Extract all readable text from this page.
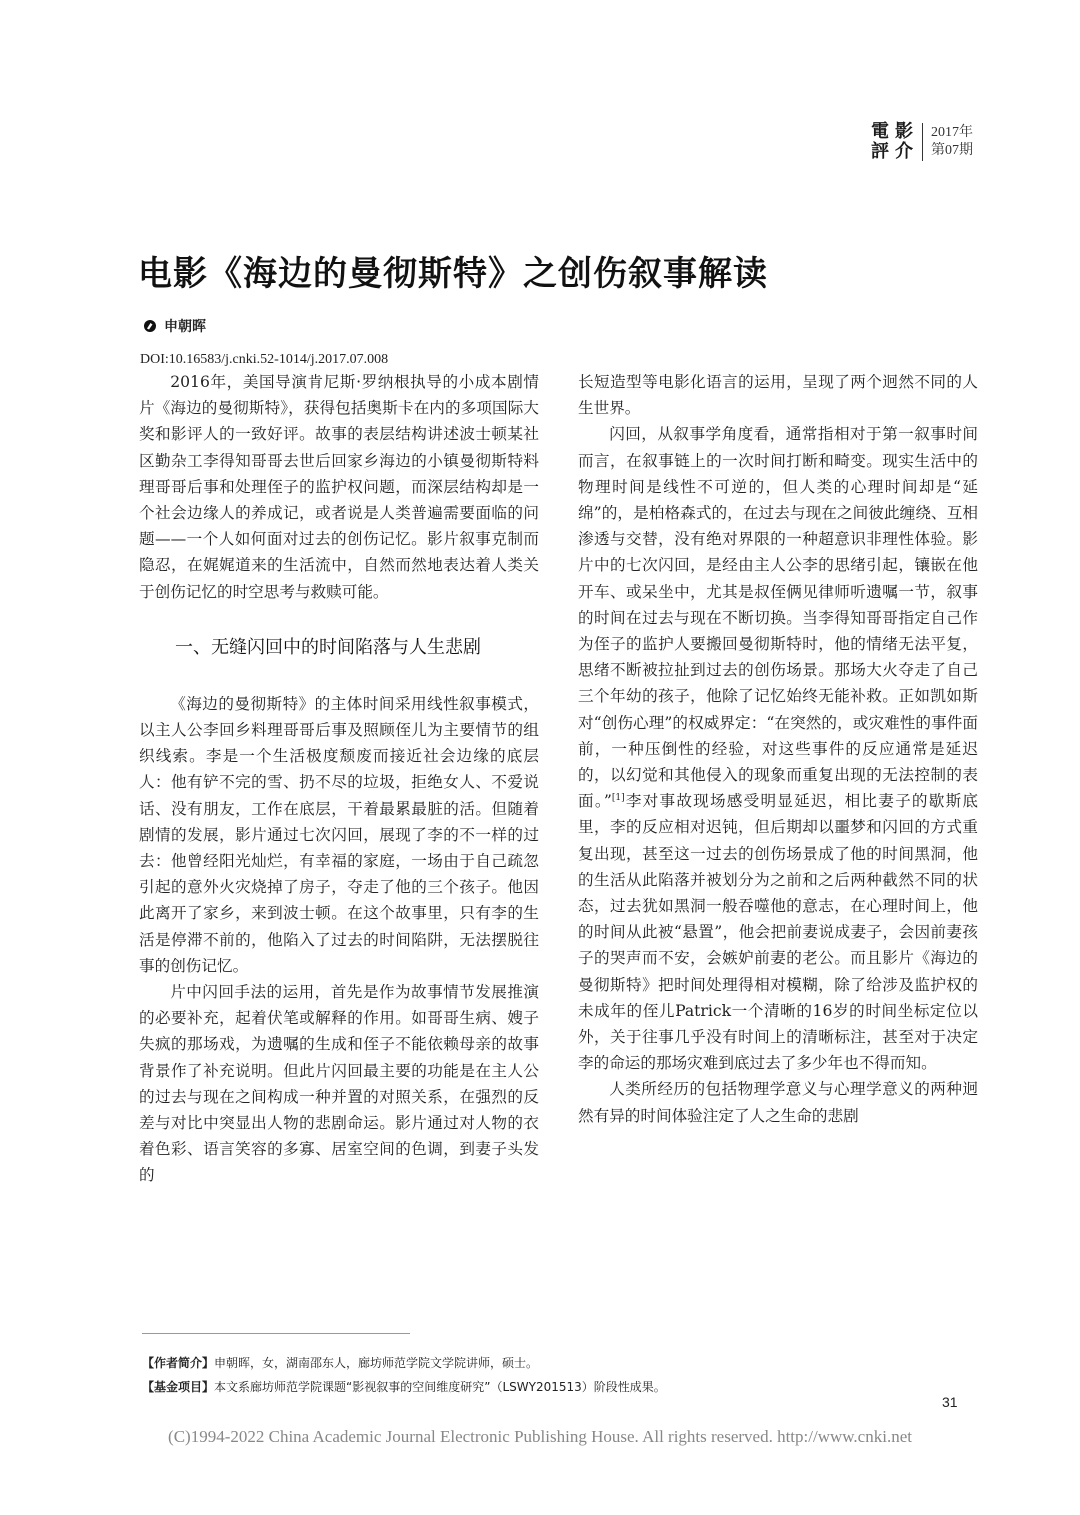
電 影
評 介
2017年
第07期
电影《海边的曼彻斯特》之创伤叙事解读
申朝晖
DOI:10.16583/j.cnki.52-1014/j.2017.07.008

2016年，美国导演肯尼斯·罗纳根执导的小成本剧情片《海边的曼彻斯特》，获得包括奥斯卡在内的多项国际大奖和影评人的一致好评。故事的表层结构讲述波士顿某社区勤杂工李得知哥哥去世后回家乡海边的小镇曼彻斯特料理哥哥后事和处理侄子的监护权问题，而深层结构却是一个社会边缘人的养成记，或者说是人类普遍需要面临的问题——一个人如何面对过去的创伤记忆。影片叙事克制而隐忍，在娓娓道来的生活流中，自然而然地表达着人类关于创伤记忆的时空思考与救赎可能。

一、无缝闪回中的时间陷落与人生悲剧

《海边的曼彻斯特》的主体时间采用线性叙事模式，以主人公李回乡料理哥哥后事及照顾侄儿为主要情节的组织线索。李是一个生活极度颓废而接近社会边缘的底层人：他有铲不完的雪、扔不尽的垃圾，拒绝女人、不爱说话、没有朋友，工作在底层，干着最累最脏的活。但随着剧情的发展，影片通过七次闪回，展现了李的不一样的过去：他曾经阳光灿烂，有幸福的家庭，一场由于自己疏忽引起的意外火灾烧掉了房子，夺走了他的三个孩子。他因此离开了家乡，来到波士顿。在这个故事里，只有李的生活是停滞不前的，他陷入了过去的时间陷阱，无法摆脱往事的创伤记忆。

片中闪回手法的运用，首先是作为故事情节发展推演的必要补充，起着伏笔或解释的作用。如哥哥生病、嫂子失疯的那场戏，为遗嘱的生成和侄子不能依赖母亲的故事背景作了补充说明。但此片闪回最主要的功能是在主人公的过去与现在之间构成一种并置的对照关系，在强烈的反差与对比中突显出人物的悲剧命运。影片通过对人物的衣着色彩、语言笑容的多寡、居室空间的色调，到妻子头发的

长短造型等电影化语言的运用，呈现了两个迥然不同的人生世界。

闪回，从叙事学角度看，通常指相对于第一叙事时间而言，在叙事链上的一次时间打断和畸变。现实生活中的物理时间是线性不可逆的，但人类的心理时间却是“延绵”的，是柏格森式的，在过去与现在之间彼此缠绕、互相渗透与交替，没有绝对界限的一种超意识非理性体验。影片中的七次闪回，是经由主人公李的思绪引起，镶嵌在他开车、或呆坐中，尤其是叔侄俩见律师听遗嘱一节，叙事的时间在过去与现在不断切换。当李得知哥哥指定自己作为侄子的监护人要搬回曼彻斯特时，他的情绪无法平复，思绪不断被拉扯到过去的创伤场景。那场大火夺走了自己三个年幼的孩子，他除了记忆始终无能补救。正如凯如斯对“创伤心理”的权威界定：“在突然的，或灾难性的事件面前，一种压倒性的经验，对这些事件的反应通常是延迟的，以幻觉和其他侵入的现象而重复出现的无法控制的表面。”[1]李对事故现场感受明显延迟，相比妻子的歇斯底里，李的反应相对迟钝，但后期却以噩梦和闪回的方式重复出现，甚至这一过去的创伤场景成了他的时间黑洞，他的生活从此陷落并被划分为之前和之后两种截然不同的状态，过去犹如黑洞一般吞噬他的意志，在心理时间上，他的时间从此被“悬置”，他会把前妻说成妻子，会因前妻孩子的哭声而不安，会嫉妒前妻的老公。而且影片《海边的曼彻斯特》把时间处理得相对模糊，除了给涉及监护权的未成年的侄儿Patrick一个清晰的16岁的时间坐标定位以外，关于往事几乎没有时间上的清晰标注，甚至对于决定李的命运的那场灾难到底过去了多少年也不得而知。

人类所经历的包括物理学意义与心理学意义的两种迥然有异的时间体验注定了人之生命的悲剧

【作者简介】申朝晖，女，湖南邵东人，廊坊师范学院文学院讲师，硕士。
【基金项目】本文系廊坊师范学院课题“影视叙事的空间维度研究”（LSWY201513）阶段性成果。
31
(C)1994-2022 China Academic Journal Electronic Publishing House. All rights reserved. http://www.cnki.net
